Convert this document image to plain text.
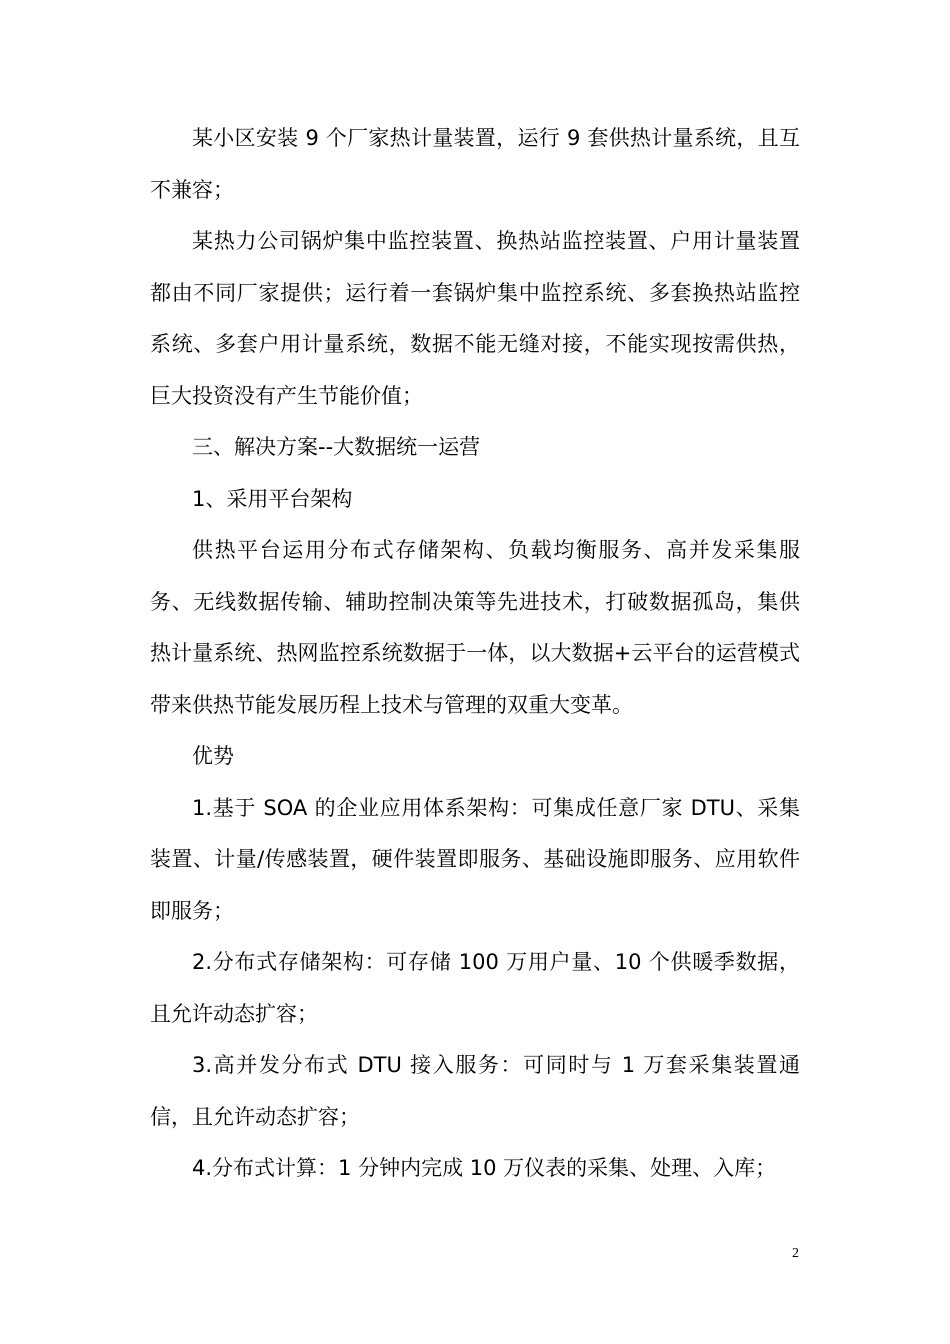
某小区安装 9 个厂家热计量装置，运行 9 套供热计量系统，且互不兼容；

某热力公司锅炉集中监控装置、换热站监控装置、户用计量装置都由不同厂家提供；运行着一套锅炉集中监控系统、多套换热站监控系统、多套户用计量系统，数据不能无缝对接，不能实现按需供热，巨大投资没有产生节能价值；

三、解决方案--大数据统一运营

1、采用平台架构

供热平台运用分布式存储架构、负载均衡服务、高并发采集服务、无线数据传输、辅助控制决策等先进技术，打破数据孤岛，集供热计量系统、热网监控系统数据于一体，以大数据+云平台的运营模式带来供热节能发展历程上技术与管理的双重大变革。

优势

1.基于 SOA 的企业应用体系架构：可集成任意厂家 DTU、采集装置、计量/传感装置，硬件装置即服务、基础设施即服务、应用软件即服务；

2.分布式存储架构：可存储 100 万用户量、10 个供暖季数据，且允许动态扩容；

3.高并发分布式 DTU 接入服务：可同时与 1 万套采集装置通信，且允许动态扩容；

4.分布式计算：1 分钟内完成 10 万仪表的采集、处理、入库；

2
